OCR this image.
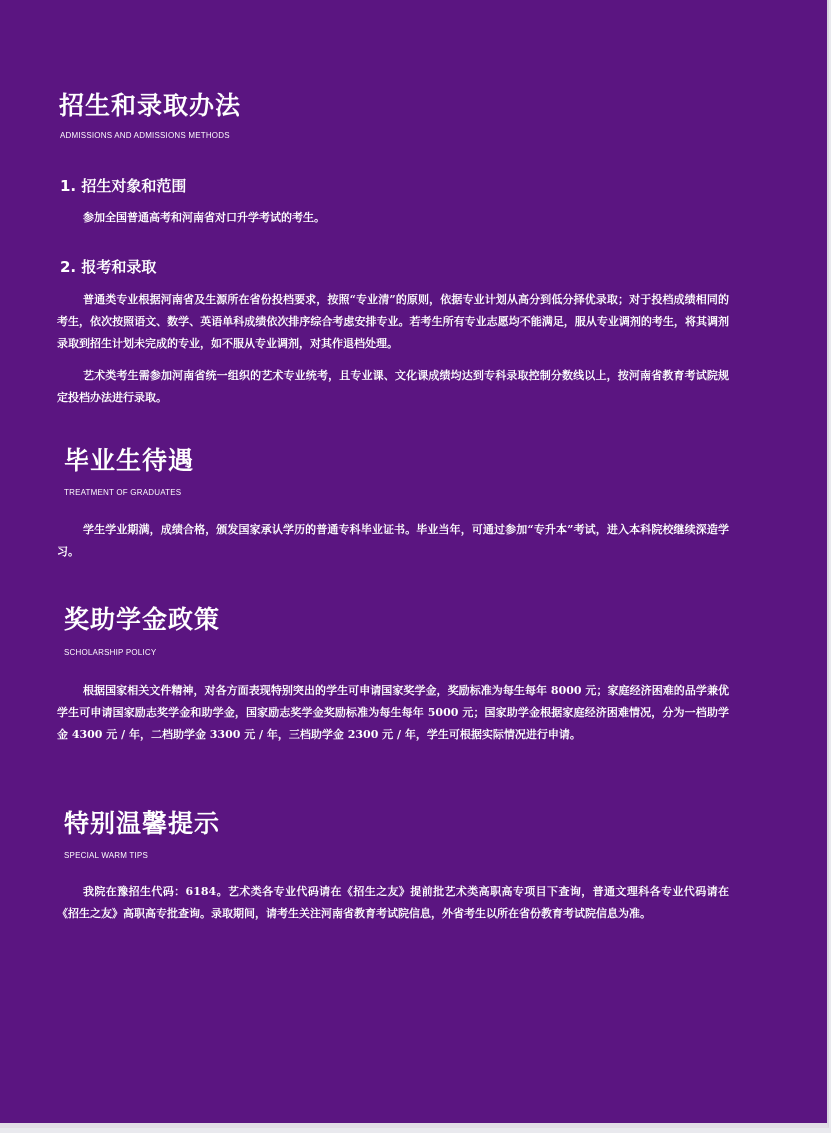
招生和录取办法
ADMISSIONS AND ADMISSIONS METHODS
1. 招生对象和范围

参加全国普通高考和河南省对口升学考试的考生。

2. 报考和录取

普通类专业根据河南省及生源所在省份投档要求，按照“专业清”的原则，依据专业计划从高分到低分择优录取；对于投档成绩相同的考生，依次按照语文、数学、英语单科成绩依次排序综合考虑安排专业。若考生所有专业志愿均不能满足，服从专业调剂的考生，将其调剂录取到招生计划未完成的专业，如不服从专业调剂，对其作退档处理。

艺术类考生需参加河南省统一组织的艺术专业统考，且专业课、文化课成绩均达到专科录取控制分数线以上，按河南省教育考试院规定投档办法进行录取。

毕业生待遇
TREATMENT OF GRADUATES

学生学业期满，成绩合格，颁发国家承认学历的普通专科毕业证书。毕业当年，可通过参加“专升本”考试，进入本科院校继续深造学习。

奖助学金政策
SCHOLARSHIP POLICY

根据国家相关文件精神，对各方面表现特别突出的学生可申请国家奖学金，奖励标准为每生每年 8000 元；家庭经济困难的品学兼优学生可申请国家励志奖学金和助学金，国家励志奖学金奖励标准为每生每年 5000 元；国家助学金根据家庭经济困难情况，分为一档助学金 4300 元 / 年，二档助学金 3300 元 / 年，三档助学金 2300 元 / 年，学生可根据实际情况进行申请。

特别温馨提示
SPECIAL WARM TIPS

我院在豫招生代码：6184。艺术类各专业代码请在《招生之友》提前批艺术类高职高专项目下查询，普通文理科各专业代码请在《招生之友》高职高专批查询。录取期间，请考生关注河南省教育考试院信息，外省考生以所在省份教育考试院信息为准。
